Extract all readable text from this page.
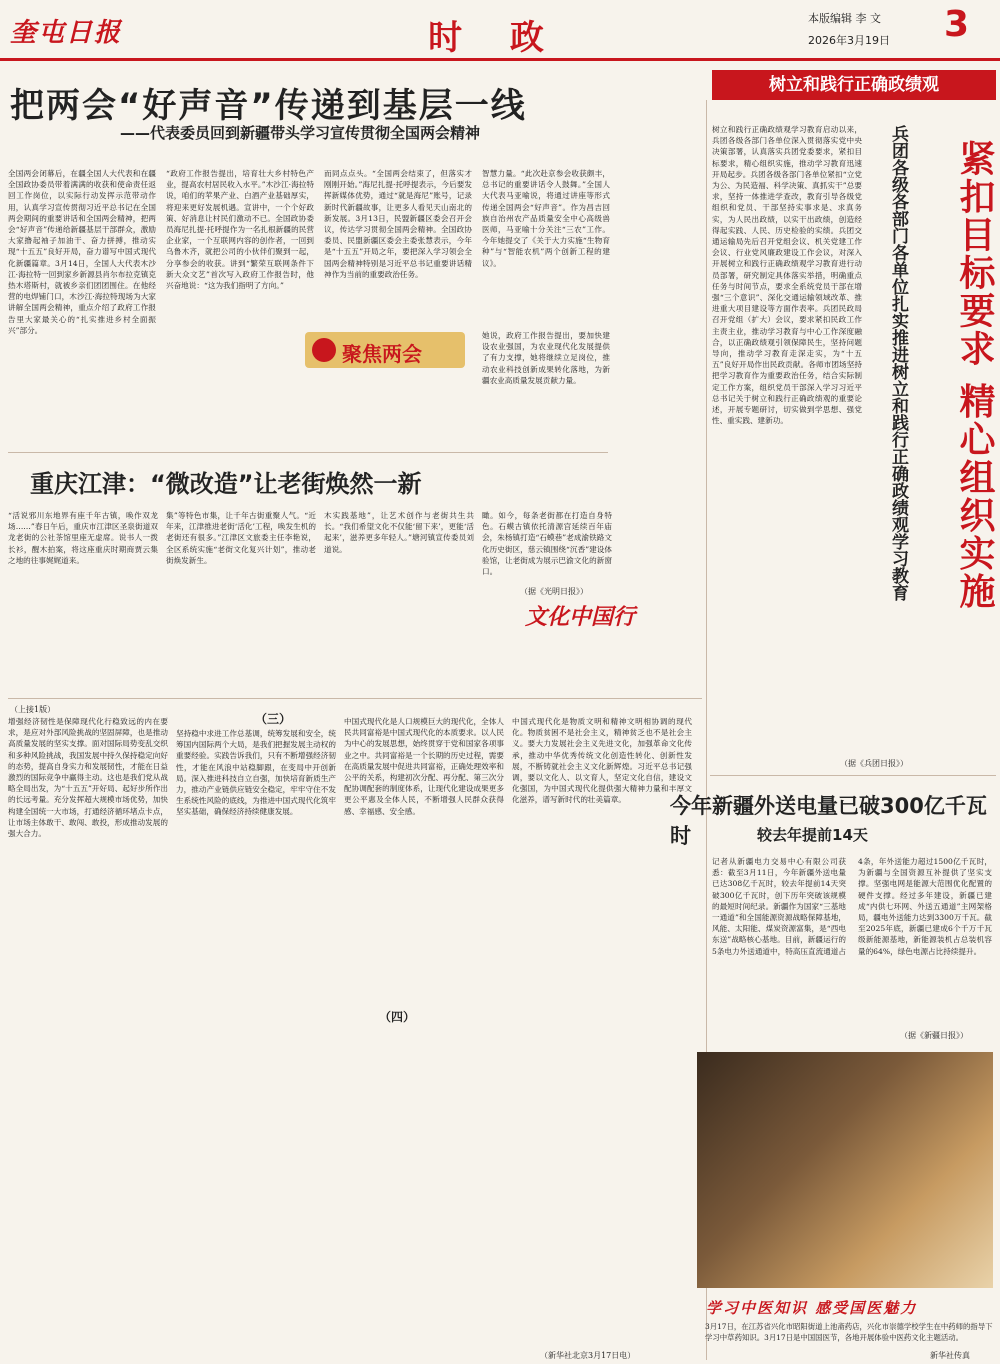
奎屯日报	时 政	本版编辑 李 文
2026年3月19日 3
把两会“好声音”传递到基层一线
——代表委员回到新疆带头学习宣传贯彻全国两会精神
树立和践行正确政绩观
全国两会闭幕后，在疆全国人大代表和在疆全国政协委员带着满满的收获和使命责任返回工作岗位，以实际行动发挥示范带动作用，认真学习宣传贯彻习近平总书记在全国两会期间的重要讲话和全国两会精神，把两会“好声音”传递给新疆基层干部群众，激励大家撸起袖子加油干、奋力拼搏，推动实现“十五五”良好开局，奋力谱写中国式现代化新疆篇章。3月14日，全国人大代表木沙江·海拉特一回到家乡新源县肖尔布拉克镇克热木塔斯村，就被乡亲们团团围住。在他经营的电焊铺门口，木沙江·海拉特现场为大家讲解全国两会精神，重点介绍了政府工作报告里大家最关心的“扎实推进乡村全面振兴”部分。
“政府工作报告提出，培育壮大乡村特色产业，提高农村居民收入水平。”木沙江·海拉特说，咱们的苹果产业、白酒产业基础厚实，将迎来更好发展机遇。宣讲中，一个个好政策、好消息让村民们激动不已。全国政协委员海尼扎提·托呼提作为一名扎根新疆的民营企业家，一个互联网内容的创作者，一回到乌鲁木齐，就把公司的小伙伴们聚到一起，分享参会的收获。讲到“繁荣互联网条件下新大众文艺”首次写入政府工作报告时，他兴奋地说：“这为我们指明了方向。”
而同点点头。“全国两会结束了，但落实才刚刚开始。”海尼扎提·托呼提表示，今后要发挥新媒体优势，通过“就是海尼”账号，记录新时代新疆故事，让更多人看见天山南北的新发展。3月13日，民盟新疆区委会召开会议，传达学习贯彻全国两会精神。全国政协委员、民盟新疆区委会主委张慧表示，今年是“十五五”开局之年，要把深入学习领会全国两会精神特别是习近平总书记重要讲话精神作为当前的重要政治任务。
智慧力量。“此次赴京参会收获颇丰，总书记的重要讲话令人鼓舞。”全国人大代表马亚喻说，将通过讲座等形式传递全国两会“好声音”。作为昌吉回族自治州农产品质量安全中心高级兽医师，马亚喻十分关注“三农”工作。今年她提交了《关于大力实施“生物育种”与“智能农机”两个创新工程的建议》。
她说，政府工作报告提出，要加快建设农业强国，为农业现代化发展提供了有力支撑，她将继续立足岗位，推动农业科技创新成果转化落地，为新疆农业高质量发展贡献力量。
聚焦两会
重庆江津：“微改造”让老街焕然一新
“活说邪川东地界有座千年古镇，唤作双龙场……”春日午后，重庆市江津区圣泉街道双龙老街的公社茶馆里座无虚席。说书人一拨长衫，醒木拍案，将这座重庆时期商贾云集之地的往事娓娓道来。
集”等特色市集，让千年古街重聚人气。“近年来，江津推进老街‘活化’工程，唤发生机的老街还有很多。”江津区文旅委主任李艳说，全区系统实施“老街文化复兴计划”，推动老街焕发新生。
木实践基地”，让艺术创作与老街共生共长。“我们希望文化不仅能‘留下来’，更能‘活起来’，滋养更多年轻人。”塘河镇宣传委员刘道说。
瞰。如今，每条老街都在打造自身特色。石蟆古镇依托清源宫延续百年庙会，朱杨镇打造“石蟆巷”老成渝铁路文化历史街区，慈云镇围绕“沉香”建设体验馆，让老街成为展示巴渝文化的新窗口。
（据《光明日报》）
文化中国行
紧扣目标要求 精心组织实施
兵团各级各部门各单位扎实推进树立和践行正确政绩观学习教育
树立和践行正确政绩观学习教育启动以来，兵团各级各部门各单位深入贯彻落实党中央决策部署，认真落实兵团党委要求，紧扣目标要求，精心组织实施，推动学习教育迅速开局起步。兵团各级各部门各单位紧扣“立党为公、为民造福、科学决策、真抓实干”总要求，坚持一体推进学查改，教育引导各级党组织和党员、干部坚持实事求是、求真务实，为人民出政绩，以实干出政绩，创造经得起实践、人民、历史检验的实绩。兵团交通运输局先后召开党组会议、机关党建工作会议、行业党风廉政建设工作会议，对深入开展树立和践行正确政绩观学习教育进行动员部署，研究制定具体落实举措，明确重点任务与时间节点，要求全系统党员干部在增强“三个意识”、深化交通运输领域改革、推进重大项目建设等方面作表率。兵团民政局召开党组（扩大）会议，要求紧扣民政工作主责主业，推动学习教育与中心工作深度融合，以正确政绩观引领保障民生，坚持问题导向，推动学习教育走深走实，为“十五五”良好开局作出民政贡献。各师市团场坚持把学习教育作为重要政治任务，结合实际制定工作方案，组织党员干部深入学习习近平总书记关于树立和践行正确政绩观的重要论述，开展专题研讨，切实做到学思想、强党性、重实践、建新功。
（据《兵团日报》）
今年新疆外送电量已破300亿千瓦时	较去年提前14天
记者从新疆电力交易中心有限公司获悉：截至3月11日，今年新疆外送电量已达308亿千瓦时，较去年提前14天突破300亿千瓦时，创下历年突破该规模的最短时间纪录。新疆作为国家“三基地一通道”和全国能源资源战略保障基地，风能、太阳能、煤炭资源富集，是“西电东送”战略核心基地。目前，新疆运行的5条电力外送通道中，特高压直流通道占4条，年外送能力超过1500亿千瓦时，为新疆与全国资源互补提供了坚实支撑。坚强电网是能源大范围优化配置的硬件支撑。经过多年建设，新疆已建成“内供七环网、外送五通道”主网架格局，疆电外送能力达到3300万千瓦。截至2025年底，新疆已建成6个千万千瓦级新能源基地，新能源装机占总装机容量的64%，绿色电源占比持续提升。
（据《新疆日报》）
学习中医知识 感受国医魅力
3月17日，在江苏省兴化市昭阳街道上池斋药店，兴化市崇德学校学生在中药师的指导下学习中草药知识。3月17日是中国国医节，各地开展体验中医药文化主题活动。
新华社传真
（上接1版）
增强经济韧性是保障现代化行稳致远的内在要求，是应对外部风险挑战的坚固屏障，也是推动高质量发展的坚实支撑。面对国际局势变乱交织和多种风险挑战，我国发展中持久保持稳定向好的态势，提高自身实力和发展韧性，才能在日益激烈的国际竞争中赢得主动。这也是我们党从战略全局出发，为“十五五”开好局、起好步所作出的长远考量。充分发挥超大规模市场优势，加快构建全国统一大市场，打通经济循环堵点卡点，让市场主体敢干、敢闯、敢投，形成推动发展的强大合力。
（三）
坚持稳中求进工作总基调，统筹发展和安全，统筹国内国际两个大局，是我们把握发展主动权的重要经验。实践告诉我们，只有不断增强经济韧性，才能在风浪中站稳脚跟，在变局中开创新局。深入推进科技自立自强，加快培育新质生产力，推动产业链供应链安全稳定，牢牢守住不发生系统性风险的底线，为推进中国式现代化筑牢坚实基础，确保经济持续健康发展。
中国式现代化是人口规模巨大的现代化，全体人民共同富裕是中国式现代化的本质要求。以人民为中心的发展思想，始终贯穿于党和国家各项事业之中。共同富裕是一个长期的历史过程，需要在高质量发展中促进共同富裕，正确处理效率和公平的关系，构建初次分配、再分配、第三次分配协调配套的制度体系，让现代化建设成果更多更公平惠及全体人民，不断增强人民群众获得感、幸福感、安全感。
（四）
中国式现代化是物质文明和精神文明相协调的现代化。物质贫困不是社会主义，精神贫乏也不是社会主义。要大力发展社会主义先进文化，加强革命文化传承，推动中华优秀传统文化创造性转化、创新性发展，不断铸就社会主义文化新辉煌。习近平总书记强调，要以文化人、以文育人，坚定文化自信，建设文化强国，为中国式现代化提供强大精神力量和丰厚文化滋养，谱写新时代的壮美篇章。
（新华社北京3月17日电）
